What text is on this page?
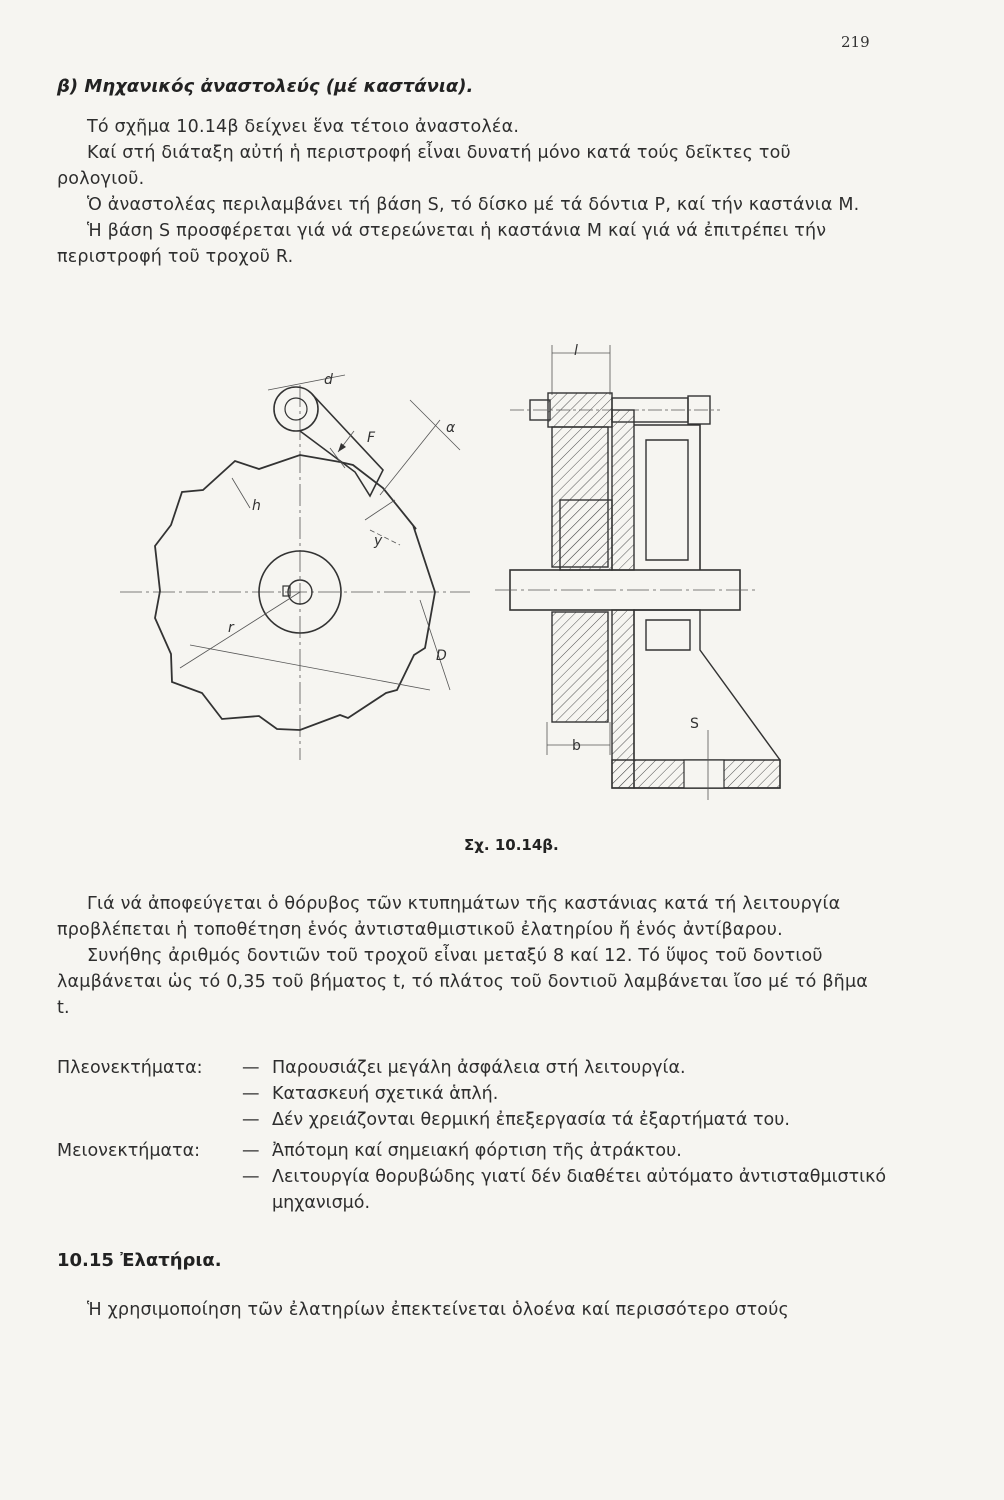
219
β) Μηχανικός ἀναστολεύς (μέ καστάνια).

Τό σχῆμα 10.14β δείχνει ἕνα τέτοιο ἀναστολέα.

Καί στή διάταξη αὐτή ἡ περιστροφή εἶναι δυνατή μόνο κατά τούς δεῖκτες τοῦ ρολογιοῦ.

Ὁ ἀναστολέας περιλαμβάνει τή βάση S, τό δίσκο μέ τά δόντια P, καί τήν καστάνια M.

Ἡ βάση S προσφέρεται γιά νά στερεώνεται ἡ καστάνια M καί γιά νά ἐπιτρέπει τήν περιστροφή τοῦ τροχοῦ R.

d
α
F
h
y
r
D
l
b
S
Σχ. 10.14β.

Γιά νά ἀποφεύγεται ὁ θόρυβος τῶν κτυπημάτων τῆς καστάνιας κατά τή λειτουργία προβλέπεται ἡ τοποθέτηση ἑνός ἀντισταθμιστικοῦ ἐλατηρίου ἤ ἑνός ἀντίβαρου.

Συνήθης ἀριθμός δοντιῶν τοῦ τροχοῦ εἶναι μεταξύ 8 καί 12. Τό ὕψος τοῦ δοντιοῦ λαμβάνεται ὡς τό 0,35 τοῦ βήματος t, τό πλάτος τοῦ δοντιοῦ λαμβάνεται ἴσο μέ τό βῆμα t.

Πλεονεκτήματα:	— Παρουσιάζει μεγάλη ἀσφάλεια στή λειτουργία.
— Κατασκευή σχετικά ἁπλή.
— Δέν χρειάζονται θερμική ἐπεξεργασία τά ἐξαρτήματά του.
Μειονεκτήματα:	— Ἀπότομη καί σημειακή φόρτιση τῆς ἀτράκτου.
— Λειτουργία θορυβώδης γιατί δέν διαθέτει αὐτόματο ἀντισταθμιστικό μηχανισμό.
10.15 Ἐλατήρια.

Ἡ χρησιμοποίηση τῶν ἐλατηρίων ἐπεκτείνεται ὁλοένα καί περισσότερο στούς
